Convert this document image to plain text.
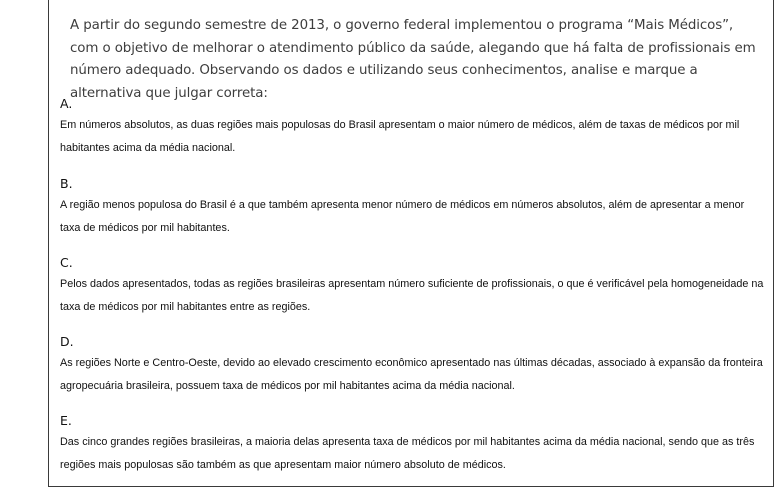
A partir do segundo semestre de 2013, o governo federal implementou o programa “Mais Médicos”, com o objetivo de melhorar o atendimento público da saúde, alegando que há falta de profissionais em número adequado. Observando os dados e utilizando seus conhecimentos, analise e marque a alternativa que julgar correta:

A.

Em números absolutos, as duas regiões mais populosas do Brasil apresentam o maior número de médicos, além de taxas de médicos por mil habitantes acima da média nacional.

B.

A região menos populosa do Brasil é a que também apresenta menor número de médicos em números absolutos, além de apresentar a menor taxa de médicos por mil habitantes.

C.

Pelos dados apresentados, todas as regiões brasileiras apresentam número suficiente de profissionais, o que é verificável pela homogeneidade na taxa de médicos por mil habitantes entre as regiões.

D.

As regiões Norte e Centro-Oeste, devido ao elevado crescimento econômico apresentado nas últimas décadas, associado à expansão da fronteira agropecuária brasileira, possuem taxa de médicos por mil habitantes acima da média nacional.

E.

Das cinco grandes regiões brasileiras, a maioria delas apresenta taxa de médicos por mil habitantes acima da média nacional, sendo que as três regiões mais populosas são também as que apresentam maior número absoluto de médicos.
